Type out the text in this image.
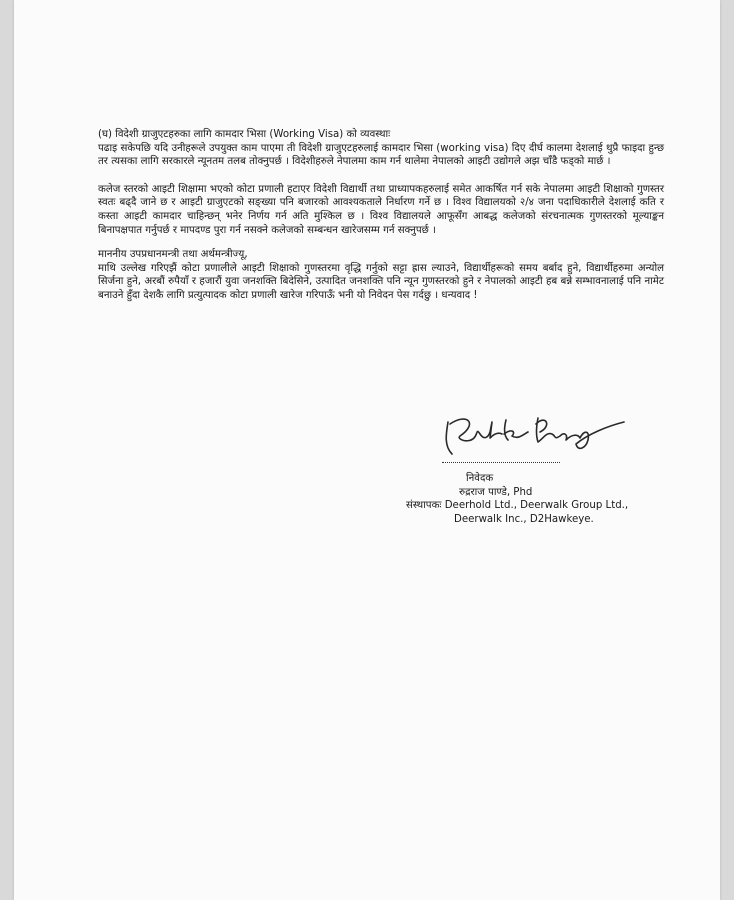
(घ) विदेशी ग्राजुएटहरुका लागि कामदार भिसा (Working Visa) को व्यवस्थाः

पढाइ सकेपछि यदि उनीहरूले उपयुक्त काम पाएमा ती विदेशी ग्राजुएटहरुलाई कामदार भिसा (working visa) दिए दीर्घ कालमा देशलाई थुप्रै फाइदा हुन्छ तर त्यसका लागि सरकारले न्यूनतम तलब तोक्नुपर्छ । विदेशीहरुले नेपालमा काम गर्न थालेमा नेपालको आइटी उद्योगले अझ चाँडै फड्को मार्छ ।

कलेज स्तरको आइटी शिक्षामा भएको कोटा प्रणाली हटाएर विदेशी विद्यार्थी तथा प्राध्यापकहरुलाई समेत आकर्षित गर्न सके नेपालमा आइटी शिक्षाको गुणस्तर स्वतः बढ्दै जाने छ र आइटी ग्राजुएटको सङ्ख्या पनि बजारको आवश्यकताले निर्धारण गर्ने छ । विश्व विद्यालयको २/४ जना पदाधिकारीले देशलाई कति र कस्ता आइटी कामदार चाहिन्छन् भनेर निर्णय गर्न अति मुश्किल छ । विश्व विद्यालयले आफूसँग आबद्ध कलेजको संरचनात्मक गुणस्तरको मूल्याङ्कन बिनापक्षपात गर्नुपर्छ र मापदण्ड पुरा गर्न नसक्ने कलेजको सम्बन्धन खारेजसम्म गर्न सक्नुपर्छ ।

माननीय उपप्रधानमन्त्री तथा अर्थमन्त्रीज्यू,

माथि उल्लेख गरिएझैं कोटा प्रणालीले आइटी शिक्षाको गुणस्तरमा वृद्धि गर्नुको सट्टा ह्रास ल्याउने, विद्यार्थीहरूको समय बर्बाद हुने, विद्यार्थीहरुमा अन्योल सिर्जना हुने, अरबौं रुपैयाँ र हजारौं युवा जनशक्ति बिदेसिने, उत्पादित जनशक्ति पनि न्यून गुणस्तरको हुने र नेपालको आइटी हब बन्ने सम्भावनालाई पनि नामेट बनाउने हुँदा देशकै लागि प्रत्युत्पादक कोटा प्रणाली खारेज गरिपाऊँ भनी यो निवेदन पेस गर्दछु । धन्यवाद !

निवेदक
रुद्रराज पाण्डे, Phd
संस्थापकः Deerhold Ltd., Deerwalk Group Ltd.,
Deerwalk Inc., D2Hawkeye.
